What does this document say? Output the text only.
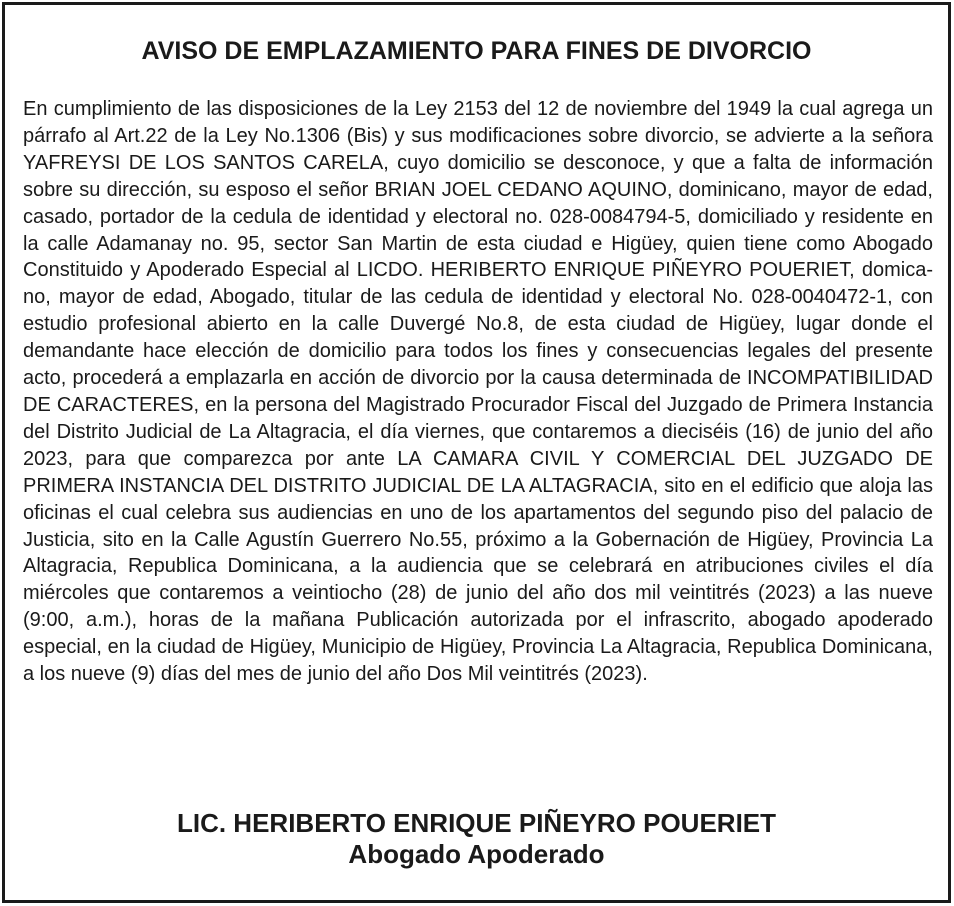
AVISO DE EMPLAZAMIENTO PARA FINES DE DIVORCIO

En cumplimiento de las disposiciones de la Ley 2153 del 12 de noviembre del 1949 la cual agrega un párrafo al Art.22 de la Ley No.1306 (Bis) y sus modificaciones sobre divorcio, se advierte a la señora YAFREYSI DE LOS SANTOS CARELA, cuyo domicilio se desconoce, y que a falta de información sobre su dirección, su esposo el señor BRIAN JOEL CEDANO AQUINO, dominicano, mayor de edad, casado, portador de la cedula de identidad y electoral no. 028-0084794-5, domiciliado y residente en la calle Adamanay no. 95, sector San Martin de esta ciudad e Higüey, quien tiene como Abogado Constituido y Apoderado Especial al LICDO. HERIBERTO ENRIQUE PIÑEYRO POUERIET, domicano, mayor de edad, Abogado, titular de las cedula de identidad y electoral No. 028-0040472-1, con estudio profesional abierto en la calle Duvergé No.8, de esta ciudad de Higüey, lugar donde el demandante hace elección de domicilio para todos los fines y consecuencias legales del presente acto, procederá a emplazarla en acción de divorcio por la causa determinada de INCOMPATIBILIDAD DE CARACTERES, en la persona del Magistrado Procurador Fiscal del Juzgado de Primera Instancia del Distrito Judicial de La Altagracia, el día viernes, que contaremos a dieciséis (16) de junio del año 2023, para que comparezca por ante LA CAMARA CIVIL Y COMERCIAL DEL JUZGADO DE PRIMERA INSTANCIA DEL DISTRITO JUDICIAL DE LA ALTAGRACIA, sito en el edificio que aloja las oficinas el cual celebra sus audiencias en uno de los apartamentos del segundo piso del palacio de Justicia, sito en la Calle Agustín Guerrero No.55, próximo a la Gobernación de Higüey, Provincia La Altagracia, Republica Dominicana, a la audiencia que se celebrará en atribuciones civiles el día miércoles que contaremos a veintiocho (28) de junio del año dos mil veintitrés (2023) a las nueve (9:00, a.m.), horas de la mañana Publicación autorizada por el infrascrito, abogado apoderado especial, en la ciudad de Higüey, Municipio de Higüey, Provincia La Altagracia, Republica Dominicana, a los nueve (9) días del mes de junio del año Dos Mil veintitrés (2023).

LIC. HERIBERTO ENRIQUE PIÑEYRO POUERIET
Abogado Apoderado
